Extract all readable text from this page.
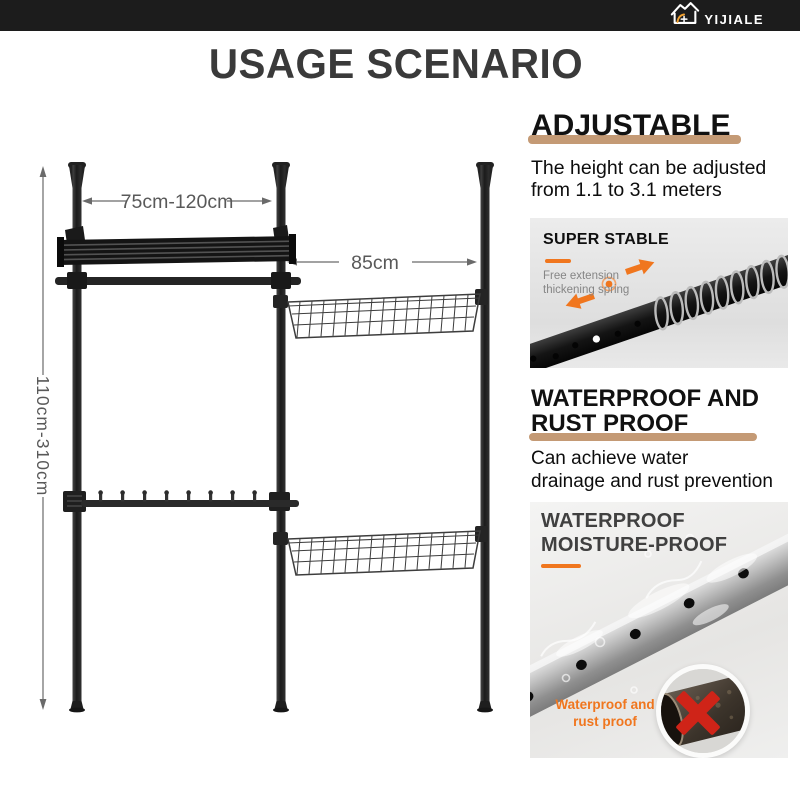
YIJIALE
USAGE SCENARIO
110cm-310cm
75cm-120cm
85cm
ADJUSTABLE
The height can be adjusted
from 1.1 to 3.1 meters
SUPER STABLE
Free extension
thickening spring
WATERPROOF AND
RUST PROOF
Can achieve water
drainage and rust prevention
WATERPROOF
MOISTURE-PROOF
Waterproof and
rust proof
